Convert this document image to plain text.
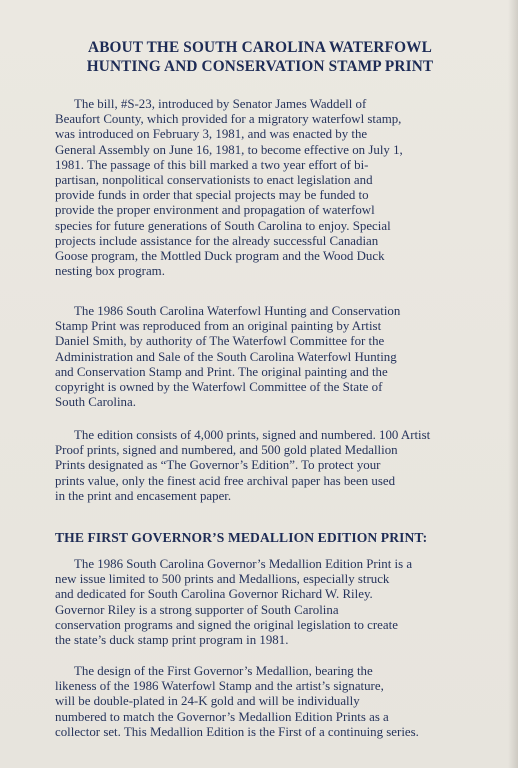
ABOUT THE SOUTH CAROLINA WATERFOWL
HUNTING AND CONSERVATION STAMP PRINT
The bill, #S-23, introduced by Senator James Waddell of
Beaufort County, which provided for a migratory waterfowl stamp,
was introduced on February 3, 1981, and was enacted by the
General Assembly on June 16, 1981, to become effective on July 1,
1981. The passage of this bill marked a two year effort of bi-
partisan, nonpolitical conservationists to enact legislation and
provide funds in order that special projects may be funded to
provide the proper environment and propagation of waterfowl
species for future generations of South Carolina to enjoy. Special
projects include assistance for the already successful Canadian
Goose program, the Mottled Duck program and the Wood Duck
nesting box program.
The 1986 South Carolina Waterfowl Hunting and Conservation
Stamp Print was reproduced from an original painting by Artist
Daniel Smith, by authority of The Waterfowl Committee for the
Administration and Sale of the South Carolina Waterfowl Hunting
and Conservation Stamp and Print. The original painting and the
copyright is owned by the Waterfowl Committee of the State of
South Carolina.
The edition consists of 4,000 prints, signed and numbered. 100 Artist
Proof prints, signed and numbered, and 500 gold plated Medallion
Prints designated as “The Governor’s Edition”. To protect your
prints value, only the finest acid free archival paper has been used
in the print and encasement paper.
THE FIRST GOVERNOR’S MEDALLION EDITION PRINT:
The 1986 South Carolina Governor’s Medallion Edition Print is a
new issue limited to 500 prints and Medallions, especially struck
and dedicated for South Carolina Governor Richard W. Riley.
Governor Riley is a strong supporter of South Carolina
conservation programs and signed the original legislation to create
the state’s duck stamp print program in 1981.
The design of the First Governor’s Medallion, bearing the
likeness of the 1986 Waterfowl Stamp and the artist’s signature,
will be double-plated in 24-K gold and will be individually
numbered to match the Governor’s Medallion Edition Prints as a
collector set. This Medallion Edition is the First of a continuing series.
